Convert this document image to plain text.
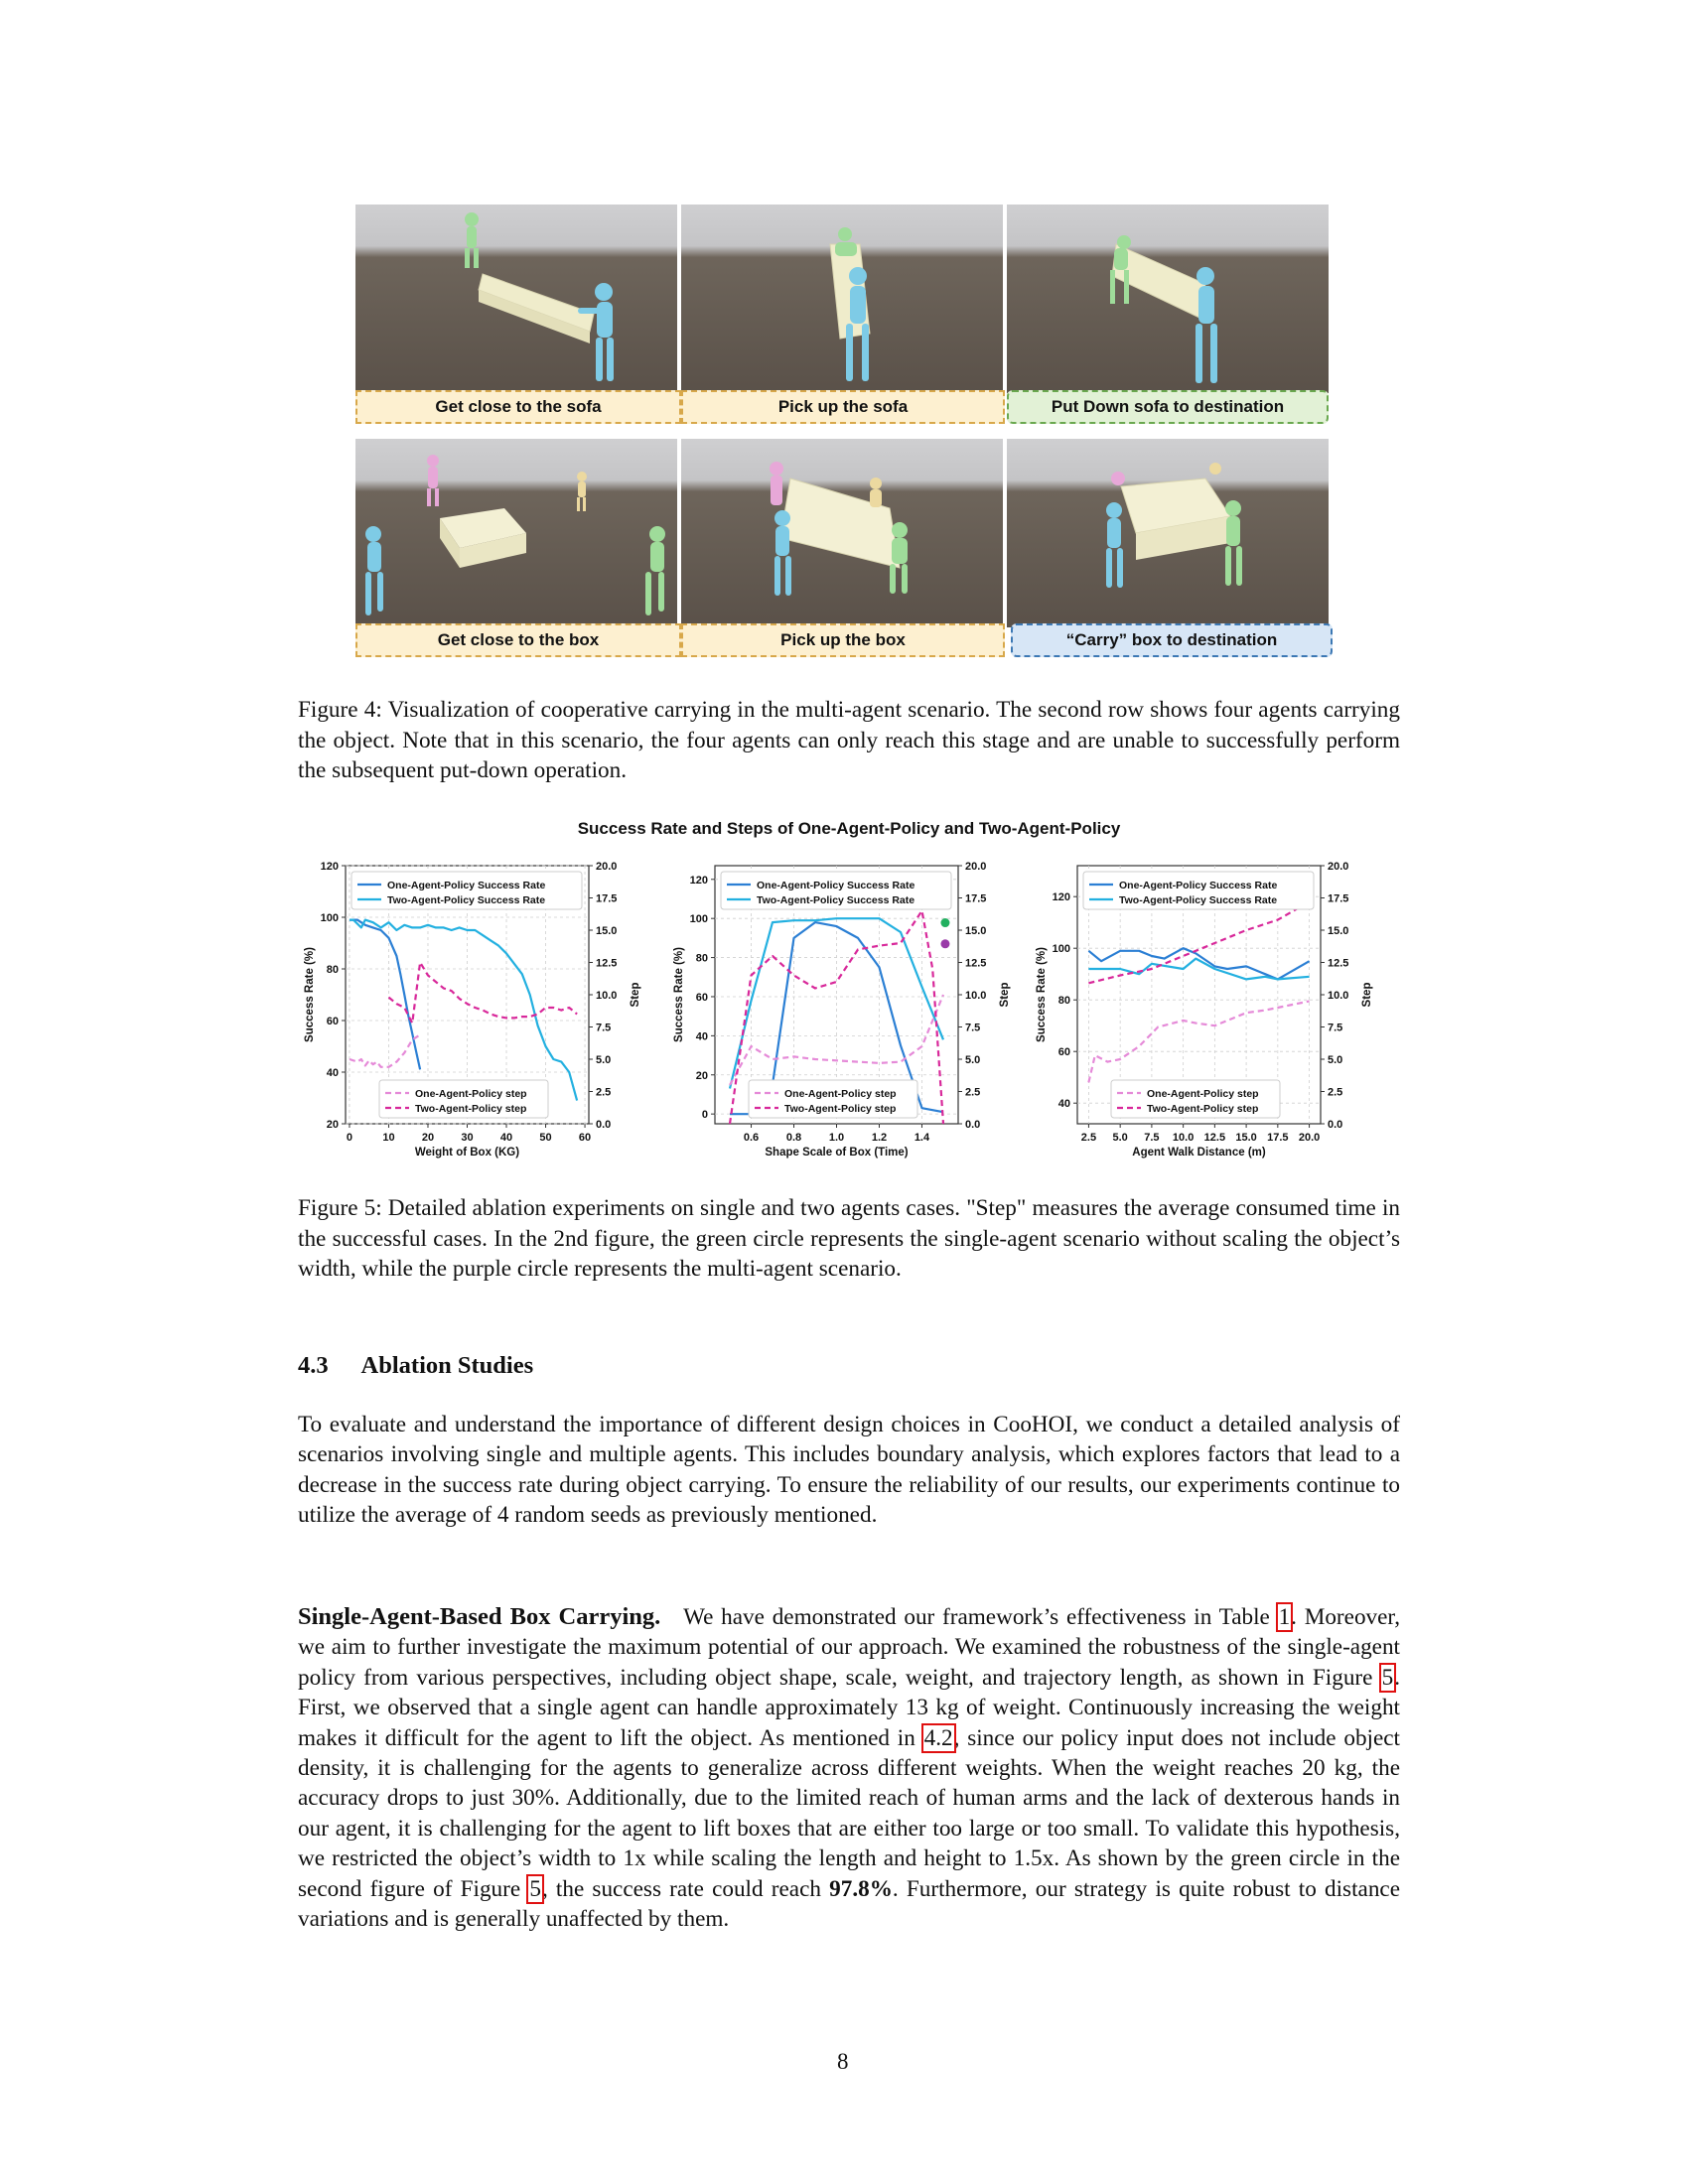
Get close to the sofa	Pick up the sofa	Put Down sofa to destination
Get close to the box	Pick up the box	“Carry” box to destination
Figure 4: Visualization of cooperative carrying in the multi-agent scenario. The second row shows four agents carrying the object. Note that in this scenario, the four agents can only reach this stage and are unable to successfully perform the subsequent put-down operation.
Success Rate and Steps of One-Agent-Policy and Two-Agent-Policy
0	10 20 30 40 50 60
20
40
60
80
100
120
0.0
2.5
5.0
7.5
10.0
12.5
15.0
17.5
20.0
Weight of Box (KG)
Success Rate (%)	Step
One-Agent-Policy Success Rate
Two-Agent-Policy Success Rate
One-Agent-Policy step
Two-Agent-Policy step
0.6	0.8	1.0	1.2	1.4
0
20
40
60
80
100
120
0.0
2.5
5.0
7.5
10.0
12.5
15.0
17.5
20.0
Shape Scale of Box (Time)
Success Rate (%)	Step
One-Agent-Policy Success Rate
Two-Agent-Policy Success Rate
One-Agent-Policy step
Two-Agent-Policy step
2.5 5.0 7.5 10.0 12.5 15.0 17.5 20.0
40
60
80
100
120
0.0
2.5
5.0
7.5
10.0
12.5
15.0
17.5
20.0
Agent Walk Distance (m)
Success Rate (%)	Step
One-Agent-Policy Success Rate
Two-Agent-Policy Success Rate
One-Agent-Policy step
Two-Agent-Policy step
Figure 5: Detailed ablation experiments on single and two agents cases. "Step" measures the average consumed time in the successful cases. In the 2nd figure, the green circle represents the single-agent scenario without scaling the object’s width, while the purple circle represents the multi-agent scenario.
4.3 Ablation Studies
To evaluate and understand the importance of different design choices in CooHOI, we conduct a detailed analysis of scenarios involving single and multiple agents. This includes boundary analysis, which explores factors that lead to a decrease in the success rate during object carrying. To ensure the reliability of our results, our experiments continue to utilize the average of 4 random seeds as previously mentioned.
Single-Agent-Based Box Carrying. We have demonstrated our framework’s effectiveness in Table 1. Moreover, we aim to further investigate the maximum potential of our approach. We examined the robustness of the single-agent policy from various perspectives, including object shape, scale, weight, and trajectory length, as shown in Figure 5. First, we observed that a single agent can handle approximately 13 kg of weight. Continuously increasing the weight makes it difficult for the agent to lift the object. As mentioned in 4.2, since our policy input does not include object density, it is challenging for the agents to generalize across different weights. When the weight reaches 20 kg, the accuracy drops to just 30%. Additionally, due to the limited reach of human arms and the lack of dexterous hands in our agent, it is challenging for the agent to lift boxes that are either too large or too small. To validate this hypothesis, we restricted the object’s width to 1x while scaling the length and height to 1.5x. As shown by the green circle in the second figure of Figure 5, the success rate could reach 97.8%. Furthermore, our strategy is quite robust to distance variations and is generally unaffected by them.
8
